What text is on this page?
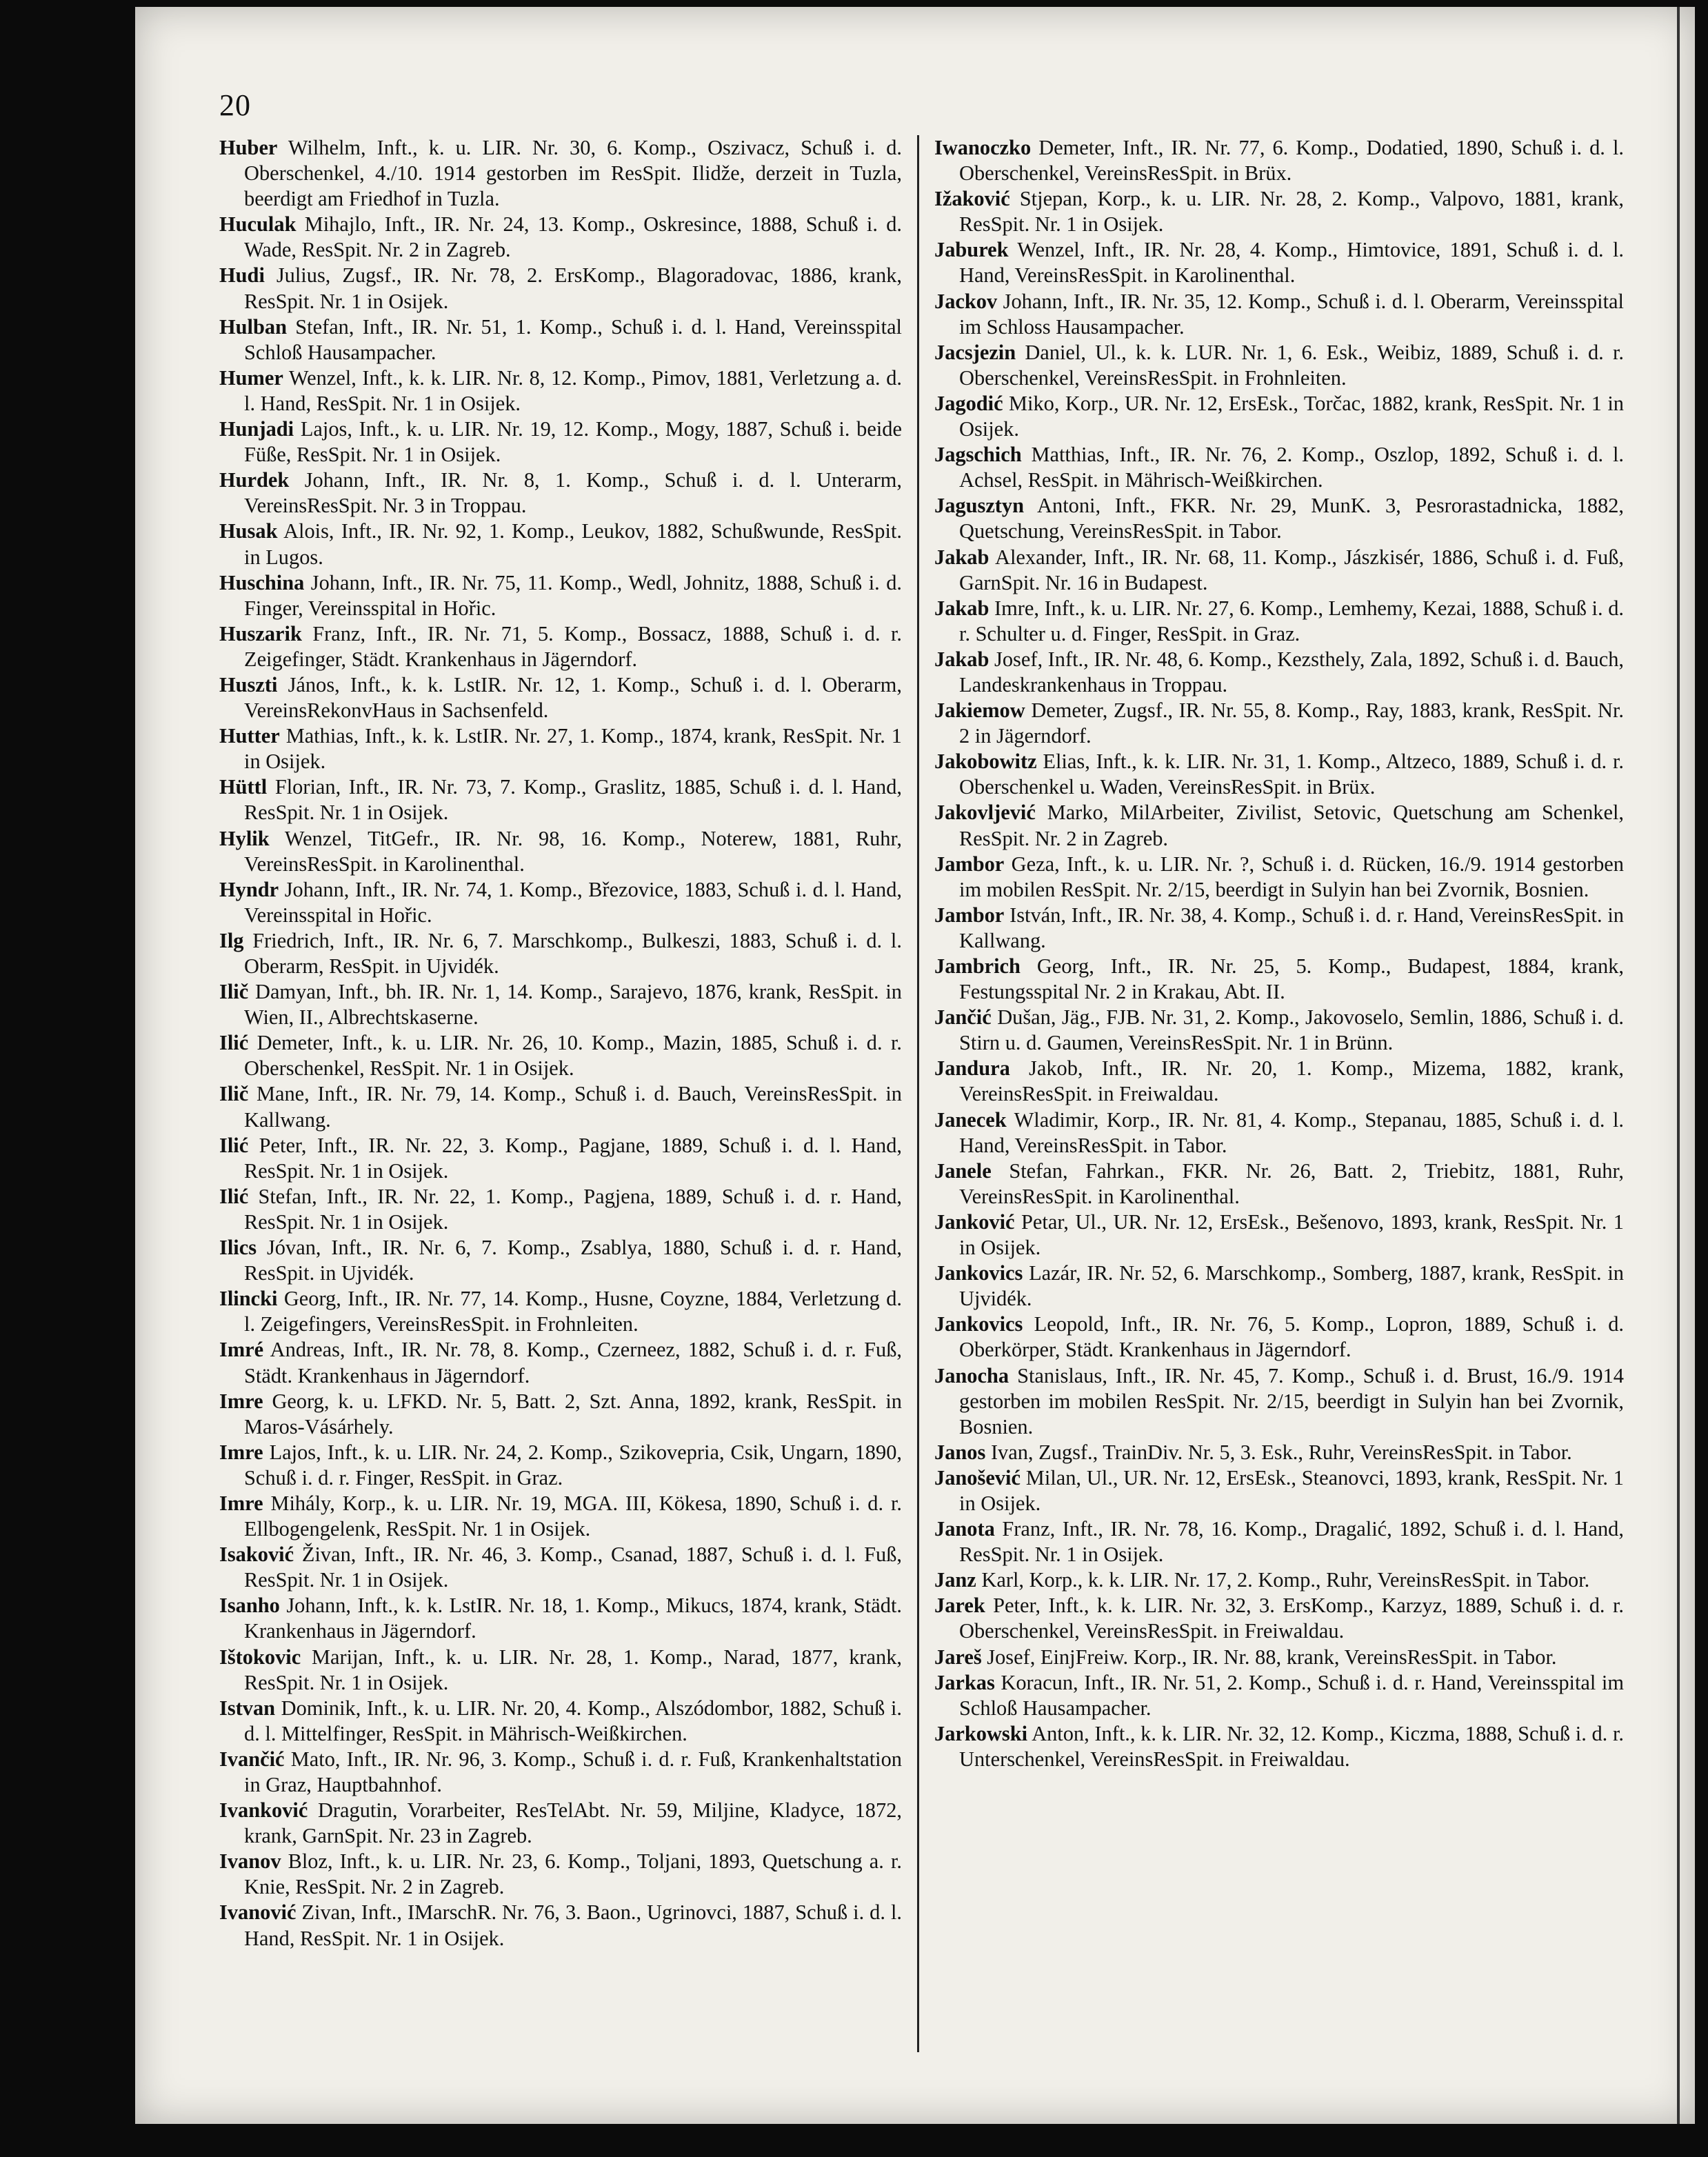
20
Huber Wilhelm, Inft., k. u. LIR. Nr. 30, 6. Komp., Oszivacz, Schuß i. d. Oberschenkel, 4./10. 1914 gestorben im ResSpit. Ilidže, derzeit in Tuzla, beerdigt am Friedhof in Tuzla.
Huculak Mihajlo, Inft., IR. Nr. 24, 13. Komp., Oskresince, 1888, Schuß i. d. Wade, ResSpit. Nr. 2 in Zagreb.
Hudi Julius, Zugsf., IR. Nr. 78, 2. ErsKomp., Blagoradovac, 1886, krank, ResSpit. Nr. 1 in Osijek.
Hulban Stefan, Inft., IR. Nr. 51, 1. Komp., Schuß i. d. l. Hand, Vereinsspital Schloß Hausampacher.
Humer Wenzel, Inft., k. k. LIR. Nr. 8, 12. Komp., Pimov, 1881, Verletzung a. d. l. Hand, ResSpit. Nr. 1 in Osijek.
Hunjadi Lajos, Inft., k. u. LIR. Nr. 19, 12. Komp., Mogy, 1887, Schuß i. beide Füße, ResSpit. Nr. 1 in Osijek.
Hurdek Johann, Inft., IR. Nr. 8, 1. Komp., Schuß i. d. l. Unterarm, VereinsResSpit. Nr. 3 in Troppau.
Husak Alois, Inft., IR. Nr. 92, 1. Komp., Leukov, 1882, Schußwunde, ResSpit. in Lugos.
Huschina Johann, Inft., IR. Nr. 75, 11. Komp., Wedl, Johnitz, 1888, Schuß i. d. Finger, Vereinsspital in Hořic.
Huszarik Franz, Inft., IR. Nr. 71, 5. Komp., Bossacz, 1888, Schuß i. d. r. Zeigefinger, Städt. Krankenhaus in Jägerndorf.
Huszti János, Inft., k. k. LstIR. Nr. 12, 1. Komp., Schuß i. d. l. Oberarm, VereinsRekonvHaus in Sachsenfeld.
Hutter Mathias, Inft., k. k. LstIR. Nr. 27, 1. Komp., 1874, krank, ResSpit. Nr. 1 in Osijek.
Hüttl Florian, Inft., IR. Nr. 73, 7. Komp., Graslitz, 1885, Schuß i. d. l. Hand, ResSpit. Nr. 1 in Osijek.
Hylik Wenzel, TitGefr., IR. Nr. 98, 16. Komp., Noterew, 1881, Ruhr, VereinsResSpit. in Karolinenthal.
Hyndr Johann, Inft., IR. Nr. 74, 1. Komp., Březovice, 1883, Schuß i. d. l. Hand, Vereinsspital in Hořic.
Ilg Friedrich, Inft., IR. Nr. 6, 7. Marschkomp., Bulkeszi, 1883, Schuß i. d. l. Oberarm, ResSpit. in Ujvidék.
Ilič Damyan, Inft., bh. IR. Nr. 1, 14. Komp., Sarajevo, 1876, krank, ResSpit. in Wien, II., Albrechtskaserne.
Ilić Demeter, Inft., k. u. LIR. Nr. 26, 10. Komp., Mazin, 1885, Schuß i. d. r. Oberschenkel, ResSpit. Nr. 1 in Osijek.
Ilič Mane, Inft., IR. Nr. 79, 14. Komp., Schuß i. d. Bauch, VereinsResSpit. in Kallwang.
Ilić Peter, Inft., IR. Nr. 22, 3. Komp., Pagjane, 1889, Schuß i. d. l. Hand, ResSpit. Nr. 1 in Osijek.
Ilić Stefan, Inft., IR. Nr. 22, 1. Komp., Pagjena, 1889, Schuß i. d. r. Hand, ResSpit. Nr. 1 in Osijek.
Ilics Jóvan, Inft., IR. Nr. 6, 7. Komp., Zsablya, 1880, Schuß i. d. r. Hand, ResSpit. in Ujvidék.
Ilincki Georg, Inft., IR. Nr. 77, 14. Komp., Husne, Coyzne, 1884, Verletzung d. l. Zeigefingers, VereinsResSpit. in Frohnleiten.
Imré Andreas, Inft., IR. Nr. 78, 8. Komp., Czerneez, 1882, Schuß i. d. r. Fuß, Städt. Krankenhaus in Jägerndorf.
Imre Georg, k. u. LFKD. Nr. 5, Batt. 2, Szt. Anna, 1892, krank, ResSpit. in Maros-Vásárhely.
Imre Lajos, Inft., k. u. LIR. Nr. 24, 2. Komp., Szikovepria, Csik, Ungarn, 1890, Schuß i. d. r. Finger, ResSpit. in Graz.
Imre Mihály, Korp., k. u. LIR. Nr. 19, MGA. III, Kökesa, 1890, Schuß i. d. r. Ellbogengelenk, ResSpit. Nr. 1 in Osijek.
Isaković Živan, Inft., IR. Nr. 46, 3. Komp., Csanad, 1887, Schuß i. d. l. Fuß, ResSpit. Nr. 1 in Osijek.
Isanho Johann, Inft., k. k. LstIR. Nr. 18, 1. Komp., Mikucs, 1874, krank, Städt. Krankenhaus in Jägerndorf.
Ištokovic Marijan, Inft., k. u. LIR. Nr. 28, 1. Komp., Narad, 1877, krank, ResSpit. Nr. 1 in Osijek.
Istvan Dominik, Inft., k. u. LIR. Nr. 20, 4. Komp., Alszódombor, 1882, Schuß i. d. l. Mittelfinger, ResSpit. in Mährisch-Weißkirchen.
Ivančić Mato, Inft., IR. Nr. 96, 3. Komp., Schuß i. d. r. Fuß, Krankenhaltstation in Graz, Hauptbahnhof.
Ivanković Dragutin, Vorarbeiter, ResTelAbt. Nr. 59, Miljine, Kladyce, 1872, krank, GarnSpit. Nr. 23 in Zagreb.
Ivanov Bloz, Inft., k. u. LIR. Nr. 23, 6. Komp., Toljani, 1893, Quetschung a. r. Knie, ResSpit. Nr. 2 in Zagreb.
Ivanović Zivan, Inft., IMarschR. Nr. 76, 3. Baon., Ugrinovci, 1887, Schuß i. d. l. Hand, ResSpit. Nr. 1 in Osijek.
Iwanoczko Demeter, Inft., IR. Nr. 77, 6. Komp., Dodatied, 1890, Schuß i. d. l. Oberschenkel, VereinsResSpit. in Brüx.
Ižaković Stjepan, Korp., k. u. LIR. Nr. 28, 2. Komp., Valpovo, 1881, krank, ResSpit. Nr. 1 in Osijek.
Jaburek Wenzel, Inft., IR. Nr. 28, 4. Komp., Himtovice, 1891, Schuß i. d. l. Hand, VereinsResSpit. in Karolinenthal.
Jackov Johann, Inft., IR. Nr. 35, 12. Komp., Schuß i. d. l. Oberarm, Vereinsspital im Schloss Hausampacher.
Jacsjezin Daniel, Ul., k. k. LUR. Nr. 1, 6. Esk., Weibiz, 1889, Schuß i. d. r. Oberschenkel, VereinsResSpit. in Frohnleiten.
Jagodić Miko, Korp., UR. Nr. 12, ErsEsk., Torčac, 1882, krank, ResSpit. Nr. 1 in Osijek.
Jagschich Matthias, Inft., IR. Nr. 76, 2. Komp., Oszlop, 1892, Schuß i. d. l. Achsel, ResSpit. in Mährisch-Weißkirchen.
Jagusztyn Antoni, Inft., FKR. Nr. 29, MunK. 3, Pesrorastadnicka, 1882, Quetschung, VereinsResSpit. in Tabor.
Jakab Alexander, Inft., IR. Nr. 68, 11. Komp., Jászkisér, 1886, Schuß i. d. Fuß, GarnSpit. Nr. 16 in Budapest.
Jakab Imre, Inft., k. u. LIR. Nr. 27, 6. Komp., Lemhemy, Kezai, 1888, Schuß i. d. r. Schulter u. d. Finger, ResSpit. in Graz.
Jakab Josef, Inft., IR. Nr. 48, 6. Komp., Kezsthely, Zala, 1892, Schuß i. d. Bauch, Landeskrankenhaus in Troppau.
Jakiemow Demeter, Zugsf., IR. Nr. 55, 8. Komp., Ray, 1883, krank, ResSpit. Nr. 2 in Jägerndorf.
Jakobowitz Elias, Inft., k. k. LIR. Nr. 31, 1. Komp., Altzeco, 1889, Schuß i. d. r. Oberschenkel u. Waden, VereinsResSpit. in Brüx.
Jakovljević Marko, MilArbeiter, Zivilist, Setovic, Quetschung am Schenkel, ResSpit. Nr. 2 in Zagreb.
Jambor Geza, Inft., k. u. LIR. Nr. ?, Schuß i. d. Rücken, 16./9. 1914 gestorben im mobilen ResSpit. Nr. 2/15, beerdigt in Sulyin han bei Zvornik, Bosnien.
Jambor István, Inft., IR. Nr. 38, 4. Komp., Schuß i. d. r. Hand, VereinsResSpit. in Kallwang.
Jambrich Georg, Inft., IR. Nr. 25, 5. Komp., Budapest, 1884, krank, Festungsspital Nr. 2 in Krakau, Abt. II.
Jančić Dušan, Jäg., FJB. Nr. 31, 2. Komp., Jakovoselo, Semlin, 1886, Schuß i. d. Stirn u. d. Gaumen, VereinsResSpit. Nr. 1 in Brünn.
Jandura Jakob, Inft., IR. Nr. 20, 1. Komp., Mizema, 1882, krank, VereinsResSpit. in Freiwaldau.
Janecek Wladimir, Korp., IR. Nr. 81, 4. Komp., Stepanau, 1885, Schuß i. d. l. Hand, VereinsResSpit. in Tabor.
Janele Stefan, Fahrkan., FKR. Nr. 26, Batt. 2, Triebitz, 1881, Ruhr, VereinsResSpit. in Karolinenthal.
Janković Petar, Ul., UR. Nr. 12, ErsEsk., Bešenovo, 1893, krank, ResSpit. Nr. 1 in Osijek.
Jankovics Lazár, IR. Nr. 52, 6. Marschkomp., Somberg, 1887, krank, ResSpit. in Ujvidék.
Jankovics Leopold, Inft., IR. Nr. 76, 5. Komp., Lopron, 1889, Schuß i. d. Oberkörper, Städt. Krankenhaus in Jägerndorf.
Janocha Stanislaus, Inft., IR. Nr. 45, 7. Komp., Schuß i. d. Brust, 16./9. 1914 gestorben im mobilen ResSpit. Nr. 2/15, beerdigt in Sulyin han bei Zvornik, Bosnien.
Janos Ivan, Zugsf., TrainDiv. Nr. 5, 3. Esk., Ruhr, VereinsResSpit. in Tabor.
Janošević Milan, Ul., UR. Nr. 12, ErsEsk., Steanovci, 1893, krank, ResSpit. Nr. 1 in Osijek.
Janota Franz, Inft., IR. Nr. 78, 16. Komp., Dragalić, 1892, Schuß i. d. l. Hand, ResSpit. Nr. 1 in Osijek.
Janz Karl, Korp., k. k. LIR. Nr. 17, 2. Komp., Ruhr, VereinsResSpit. in Tabor.
Jarek Peter, Inft., k. k. LIR. Nr. 32, 3. ErsKomp., Karzyz, 1889, Schuß i. d. r. Oberschenkel, VereinsResSpit. in Freiwaldau.
Jareš Josef, EinjFreiw. Korp., IR. Nr. 88, krank, VereinsResSpit. in Tabor.
Jarkas Koracun, Inft., IR. Nr. 51, 2. Komp., Schuß i. d. r. Hand, Vereinsspital im Schloß Hausampacher.
Jarkowski Anton, Inft., k. k. LIR. Nr. 32, 12. Komp., Kiczma, 1888, Schuß i. d. r. Unterschenkel, VereinsResSpit. in Freiwaldau.
